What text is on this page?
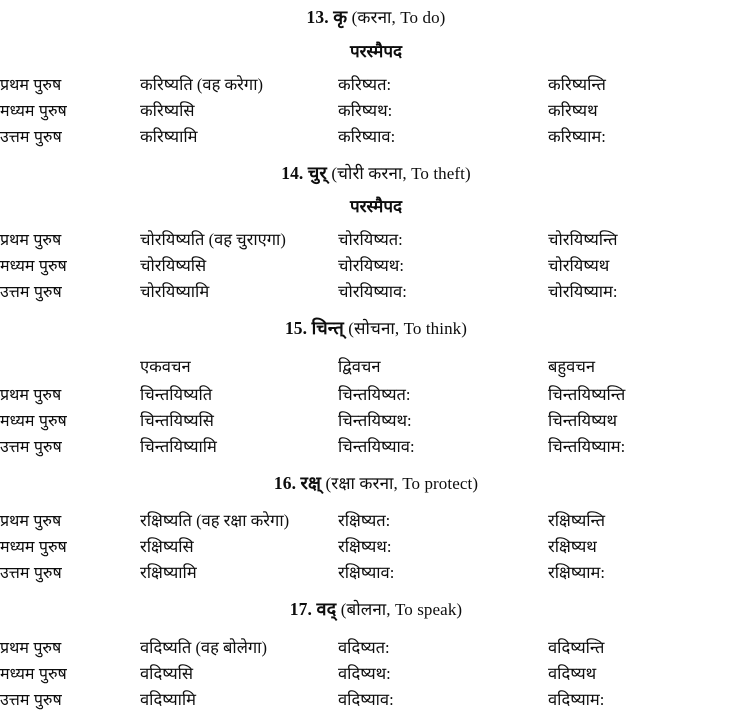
13. कृ (करना, To do)
परस्मैपद
प्रथम पुरुष	करिष्यति (वह करेगा)	करिष्यत:	करिष्यन्ति
मध्यम पुरुष	करिष्यसि	करिष्यथ:	करिष्यथ
उत्तम पुरुष	करिष्यामि	करिष्याव:	करिष्याम:
14. चुर् (चोरी करना, To theft)
परस्मैपद
प्रथम पुरुष	चोरयिष्यति (वह चुराएगा)	चोरयिष्यत:	चोरयिष्यन्ति
मध्यम पुरुष	चोरयिष्यसि	चोरयिष्यथ:	चोरयिष्यथ
उत्तम पुरुष	चोरयिष्यामि	चोरयिष्याव:	चोरयिष्याम:
15. चिन्त् (सोचना, To think)
	एकवचन	द्विवचन	बहुवचन
प्रथम पुरुष	चिन्तयिष्यति	चिन्तयिष्यत:	चिन्तयिष्यन्ति
मध्यम पुरुष	चिन्तयिष्यसि	चिन्तयिष्यथ:	चिन्तयिष्यथ
उत्तम पुरुष	चिन्तयिष्यामि	चिन्तयिष्याव:	चिन्तयिष्याम:
16. रक्ष् (रक्षा करना, To protect)
प्रथम पुरुष	रक्षिष्यति (वह रक्षा करेगा)	रक्षिष्यत:	रक्षिष्यन्ति
मध्यम पुरुष	रक्षिष्यसि	रक्षिष्यथ:	रक्षिष्यथ
उत्तम पुरुष	रक्षिष्यामि	रक्षिष्याव:	रक्षिष्याम:
17. वद् (बोलना, To speak)
प्रथम पुरुष	वदिष्यति (वह बोलेगा)	वदिष्यत:	वदिष्यन्ति
मध्यम पुरुष	वदिष्यसि	वदिष्यथ:	वदिष्यथ
उत्तम पुरुष	वदिष्यामि	वदिष्याव:	वदिष्याम:
